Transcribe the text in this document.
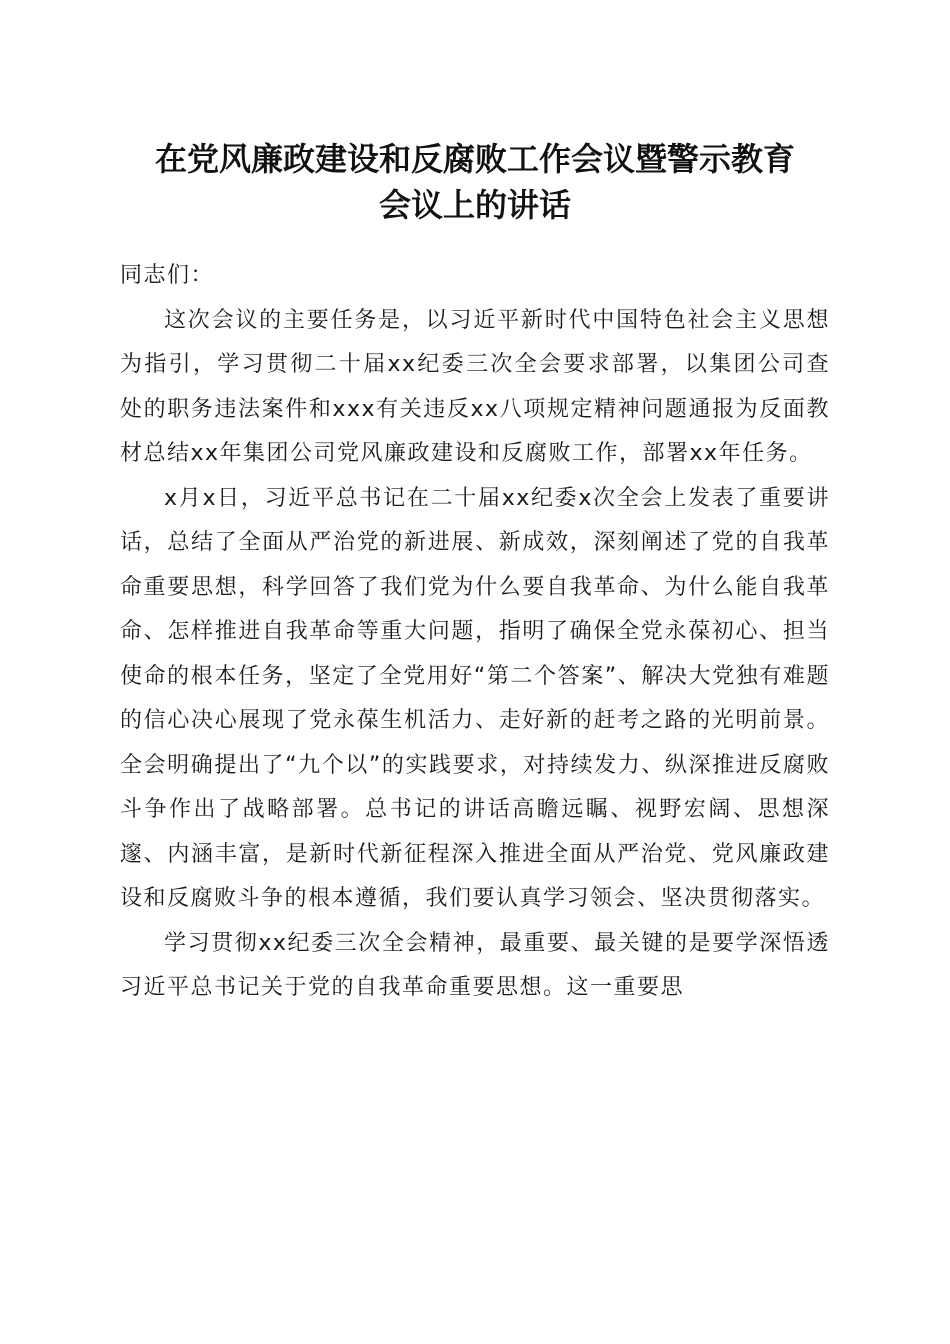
在党风廉政建设和反腐败工作会议暨警示教育
会议上的讲话

同志们：

这次会议的主要任务是，以习近平新时代中国特色社会主义思想为指引，学习贯彻二十届xx纪委三次全会要求部署，以集团公司查处的职务违法案件和xxx有关违反xx八项规定精神问题通报为反面教材总结xx年集团公司党风廉政建设和反腐败工作，部署xx年任务。

x月x日，习近平总书记在二十届xx纪委x次全会上发表了重要讲话，总结了全面从严治党的新进展、新成效，深刻阐述了党的自我革命重要思想，科学回答了我们党为什么要自我革命、为什么能自我革命、怎样推进自我革命等重大问题，指明了确保全党永葆初心、担当使命的根本任务，坚定了全党用好“第二个答案”、解决大党独有难题的信心决心展现了党永葆生机活力、走好新的赶考之路的光明前景。全会明确提出了“九个以”的实践要求，对持续发力、纵深推进反腐败斗争作出了战略部署。总书记的讲话高瞻远瞩、视野宏阔、思想深邃、内涵丰富，是新时代新征程深入推进全面从严治党、党风廉政建设和反腐败斗争的根本遵循，我们要认真学习领会、坚决贯彻落实。

学习贯彻xx纪委三次全会精神，最重要、最关键的是要学深悟透习近平总书记关于党的自我革命重要思想。这一重要思
